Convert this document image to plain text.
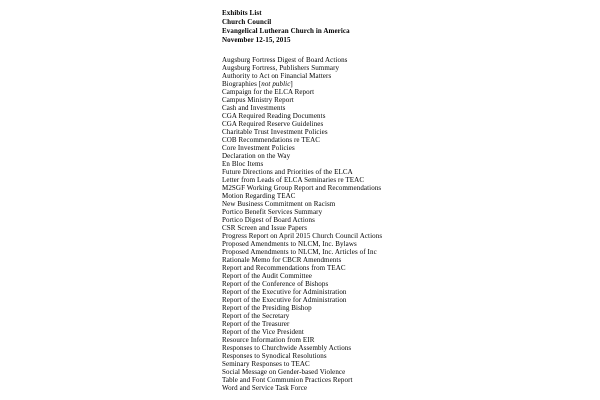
Exhibits List
Church Council
Evangelical Lutheran Church in America
November 12-15, 2015
Augsburg Fortress Digest of Board Actions
Augsburg Fortress, Publishers Summary
Authority to Act on Financial Matters
Biographies [not public]
Campaign for the ELCA Report
Campus Ministry Report
Cash and Investments
CGA Required Reading Documents
CGA Required Reserve Guidelines
Charitable Trust Investment Policies
COB Recommendations re TEAC
Core Investment Policies
Declaration on the Way
En Bloc Items
Future Directions and Priorities of the ELCA
Letter from Leads of ELCA Seminaries re TEAC
M2SGF Working Group Report and Recommendations
Motion Regarding TEAC
New Business Commitment on Racism
Portico Benefit Services Summary
Portico Digest of Board Actions
CSR Screen and Issue Papers
Progress Report on April 2015 Church Council Actions
Proposed Amendments to NLCM, Inc. Bylaws
Proposed Amendments to NLCM, Inc. Articles of Inc
Rationale Memo for CBCR Amendments
Report and Recommendations from TEAC
Report of the Audit Committee
Report of the Conference of Bishops
Report of the Executive for Administration
Report of the Executive for Administration
Report of the Presiding Bishop
Report of the Secretary
Report of the Treasurer
Report of the Vice President
Resource Information from EIR
Responses to Churchwide Assembly Actions
Responses to Synodical Resolutions
Seminary Responses to TEAC
Social Message on Gender-based Violence
Table and Font Communion Practices Report
Word and Service Task Force
